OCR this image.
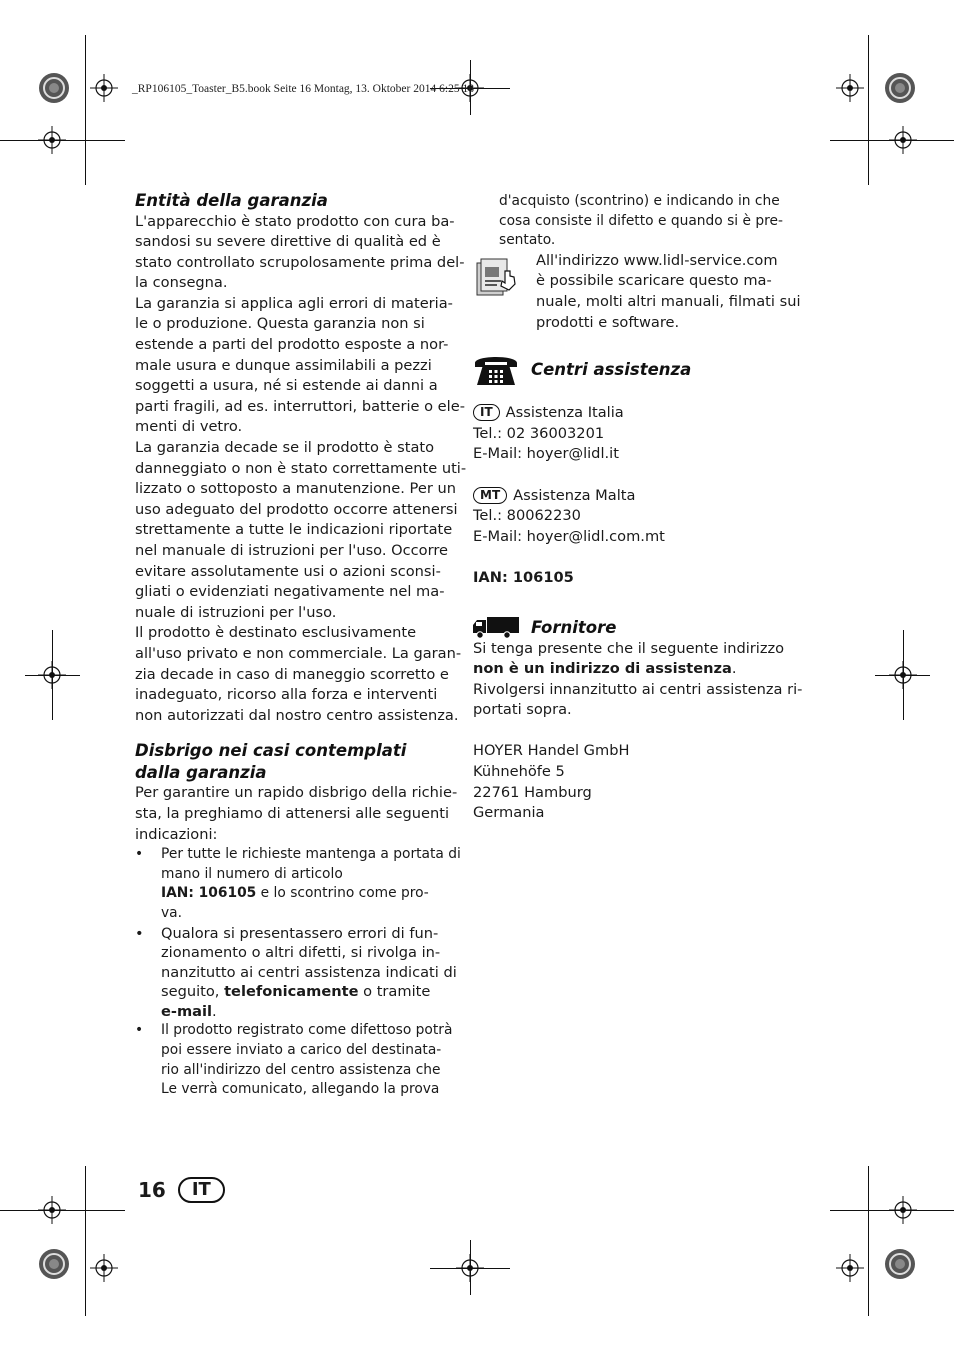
_RP106105_Toaster_B5.book Seite 16 Montag, 13. Oktober 2014 6:25 18
Entità della garanzia

L'apparecchio è stato prodotto con cura ba-
sandosi su severe direttive di qualità ed è
stato controllato scrupolosamente prima del-
la consegna.

La garanzia si applica agli errori di materia-
le o produzione. Questa garanzia non si
estende a parti del prodotto esposte a nor-
male usura e dunque assimilabili a pezzi
soggetti a usura, né si estende ai danni a
parti fragili, ad es. interruttori, batterie o ele-
menti di vetro.

La garanzia decade se il prodotto è stato
danneggiato o non è stato correttamente uti-
lizzato o sottoposto a manutenzione. Per un
uso adeguato del prodotto occorre attenersi
strettamente a tutte le indicazioni riportate
nel manuale di istruzioni per l'uso. Occorre
evitare assolutamente usi o azioni sconsi-
gliati o evidenziati negativamente nel ma-
nuale di istruzioni per l'uso.

Il prodotto è destinato esclusivamente
all'uso privato e non commerciale. La garan-
zia decade in caso di maneggio scorretto e
inadeguato, ricorso alla forza e interventi
non autorizzati dal nostro centro assistenza.

Disbrigo nei casi contemplati
dalla garanzia

Per garantire un rapido disbrigo della richie-
sta, la preghiamo di attenersi alle seguenti
indicazioni:

• Per tutte le richieste mantenga a portata di
mano il numero di articolo
IAN: 106105 e lo scontrino come pro-
va.
• Qualora si presentassero errori di fun-
zionamento o altri difetti, si rivolga in-
nanzitutto ai centri assistenza indicati di
seguito, telefonicamente o tramite
e-mail.
• Il prodotto registrato come difettoso potrà
poi essere inviato a carico del destinata-
rio all'indirizzo del centro assistenza che
Le verrà comunicato, allegando la prova
d'acquisto (scontrino) e indicando in che
cosa consiste il difetto e quando si è pre-
sentato.
All'indirizzo www.lidl-service.com
è possibile scaricare questo ma-
nuale, molti altri manuali, filmati sui
prodotti e software.
Centri assistenza
IT Assistenza Italia
Tel.: 02 36003201
E-Mail: hoyer@lidl.it
MT Assistenza Malta
Tel.: 80062230
E-Mail: hoyer@lidl.com.mt
IAN: 106105
Fornitore
Si tenga presente che il seguente indirizzo
non è un indirizzo di assistenza.
Rivolgersi innanzitutto ai centri assistenza ri-
portati sopra.
HOYER Handel GmbH
Kühnehöfe 5
22761 Hamburg
Germania
16	IT
